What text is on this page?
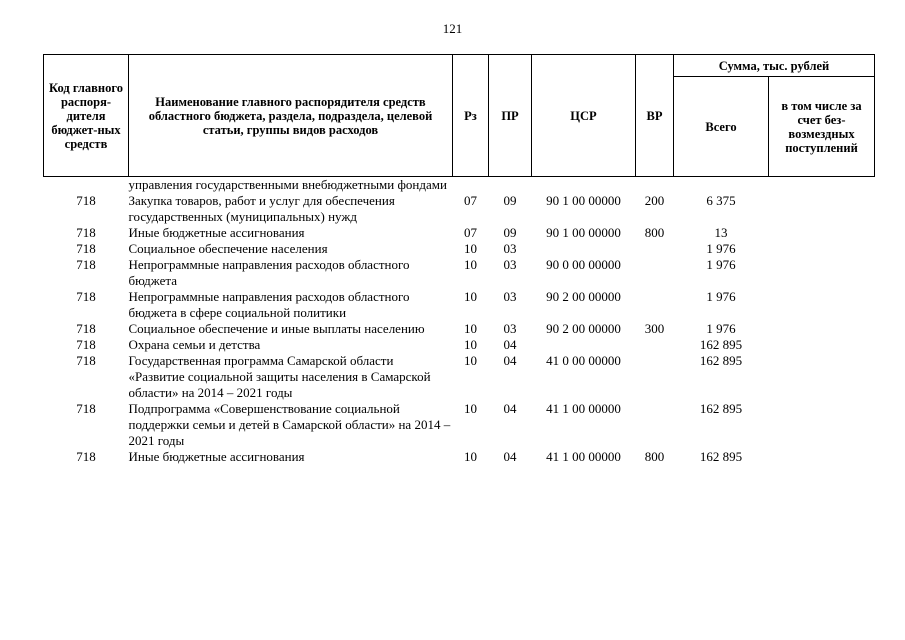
121
Код главного распоря-дителя бюджет-ных средств	Наименование главного распорядителя средств областного бюджета, раздела, подраздела, целевой статьи, группы видов расходов	Рз	ПР	ЦСР	ВР	Сумма, тыс. рублей	
						Всего	в том числе за счет без-возмездных поступлений
	управления государственными внебюджетными фондами						
718	Закупка товаров, работ и услуг для обеспечения государственных (муниципальных) нужд	07	09	90 1 00 00000	200	6 375	
718	Иные бюджетные ассигнования	07	09	90 1 00 00000	800	13	
718	Социальное обеспечение населения	10	03			1 976	
718	Непрограммные направления расходов областного бюджета	10	03	90 0 00 00000		1 976	
718	Непрограммные направления расходов областного бюджета в сфере социальной политики	10	03	90 2 00 00000		1 976	
718	Социальное обеспечение и иные выплаты населению	10	03	90 2 00 00000	300	1 976	
718	Охрана семьи и детства	10	04			162 895	
718	Государственная программа Самарской области «Развитие социальной защиты населения в Самарской области» на 2014 – 2021 годы	10	04	41 0 00 00000		162 895	
718	Подпрограмма «Совершенствование социальной поддержки семьи и детей в Самарской области» на 2014 – 2021 годы	10	04	41 1 00 00000		162 895	
718	Иные бюджетные ассигнования	10	04	41 1 00 00000	800	162 895	
